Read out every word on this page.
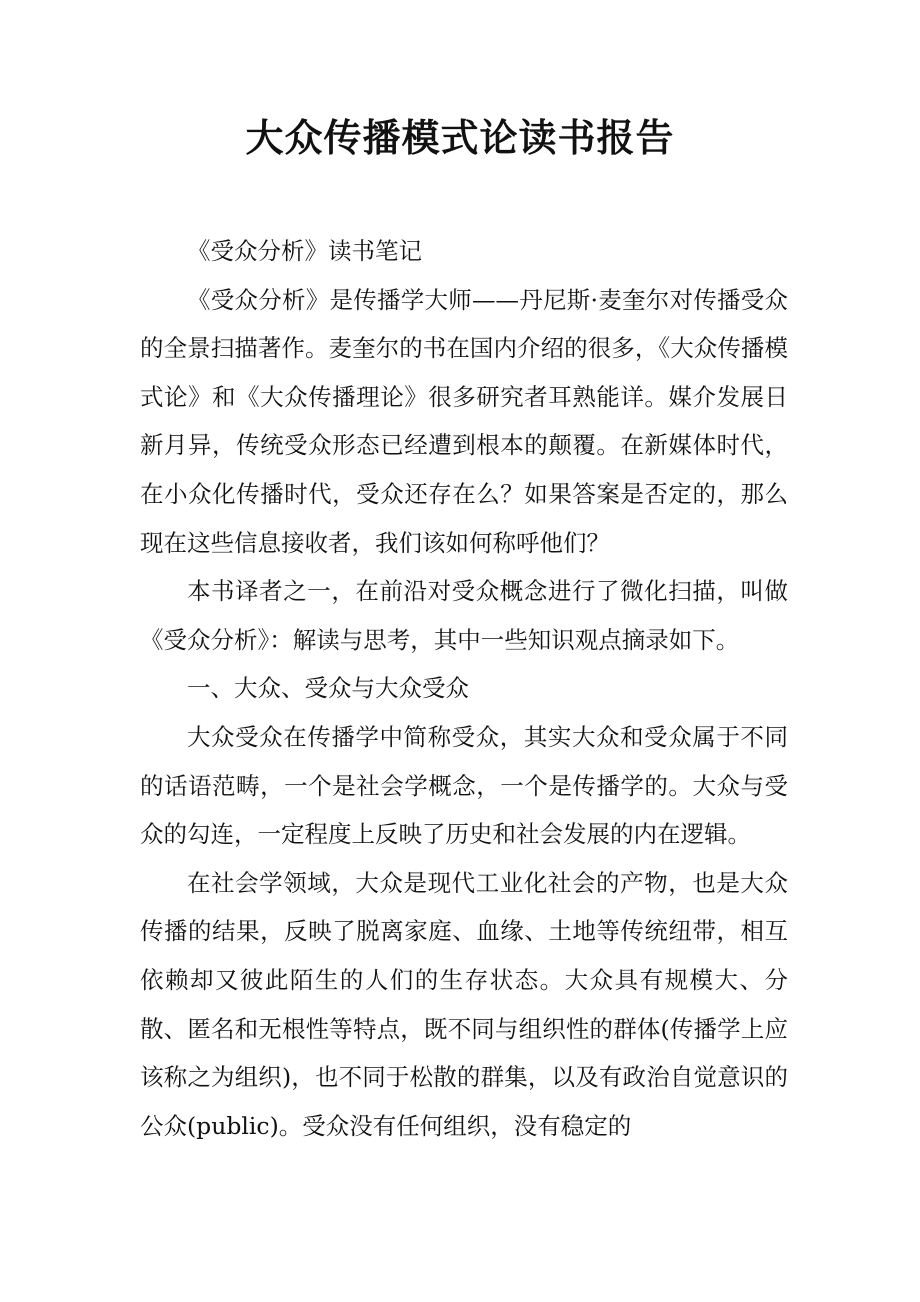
大众传播模式论读书报告

《受众分析》读书笔记

《受众分析》是传播学大师——丹尼斯·麦奎尔对传播受众的全景扫描著作。麦奎尔的书在国内介绍的很多，《大众传播模式论》和《大众传播理论》很多研究者耳熟能详。媒介发展日新月异，传统受众形态已经遭到根本的颠覆。在新媒体时代，在小众化传播时代，受众还存在么？如果答案是否定的，那么现在这些信息接收者，我们该如何称呼他们？

本书译者之一，在前沿对受众概念进行了微化扫描，叫做《受众分析》：解读与思考，其中一些知识观点摘录如下。

一、大众、受众与大众受众

大众受众在传播学中简称受众，其实大众和受众属于不同的话语范畴，一个是社会学概念，一个是传播学的。大众与受众的勾连，一定程度上反映了历史和社会发展的内在逻辑。

在社会学领域，大众是现代工业化社会的产物，也是大众传播的结果，反映了脱离家庭、血缘、土地等传统纽带，相互依赖却又彼此陌生的人们的生存状态。大众具有规模大、分散、匿名和无根性等特点，既不同与组织性的群体(传播学上应该称之为组织)，也不同于松散的群集，以及有政治自觉意识的公众(public)。受众没有任何组织，没有稳定的
